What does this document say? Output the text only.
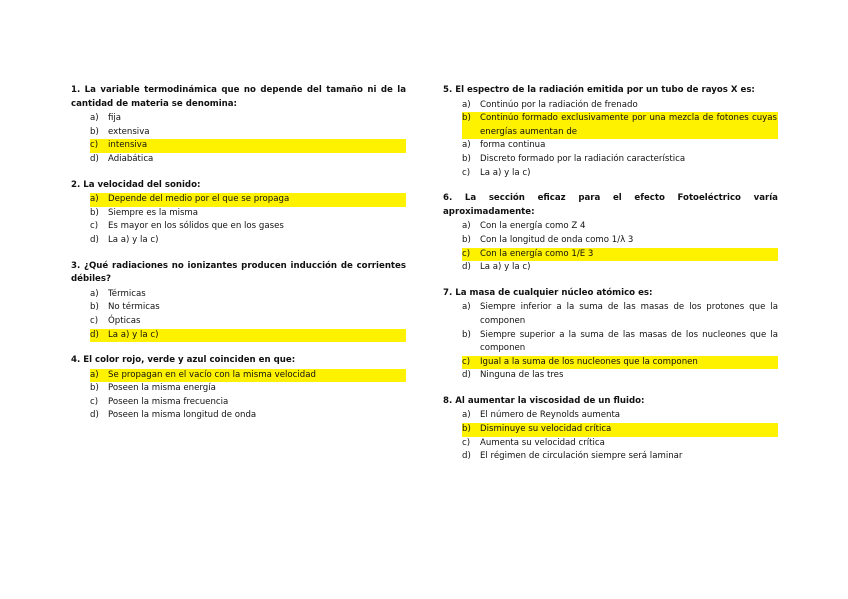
1. La variable termodinámica que no depende del tamaño ni de la cantidad de materia se denomina:

a)	fija
b)	extensiva
c)	intensiva
d)	Adiabática

2. La velocidad del sonido:

a)	Depende del medio por el que se propaga
b)	Siempre es la misma
c)	Es mayor en los sólidos que en los gases
d)	La a) y la c)

3. ¿Qué radiaciones no ionizantes producen inducción de corrientes débiles?

a)	Térmicas
b)	No térmicas
c)	Ópticas
d)	La a) y la c)

4. El color rojo, verde y azul coinciden en que:

a)	Se propagan en el vacío con la misma velocidad
b)	Poseen la misma energía
c)	Poseen la misma frecuencia
d)	Poseen la misma longitud de onda

5. El espectro de la radiación emitida por un tubo de rayos X es:

a)	Continúo por la radiación de frenado
b)	Continúo formado exclusivamente por una mezcla de fotones cuyas energías aumentan de
a)	forma continua
b)	Discreto formado por la radiación característica
c)	La a) y la c)

6. La sección eficaz para el efecto Fotoeléctrico varía aproximadamente:

a)	Con la energía como Z 4
b)	Con la longitud de onda como 1/λ 3
c)	Con la energía como 1/E 3
d)	La a) y la c)

7. La masa de cualquier núcleo atómico es:

a)	Siempre inferior a la suma de las masas de los protones que la componen
b)	Siempre superior a la suma de las masas de los nucleones que la componen
c)	Igual a la suma de los nucleones que la componen
d)	Ninguna de las tres

8. Al aumentar la viscosidad de un fluido:

a)	El número de Reynolds aumenta
b)	Disminuye su velocidad crítica
c)	Aumenta su velocidad crítica
d)	El régimen de circulación siempre será laminar
